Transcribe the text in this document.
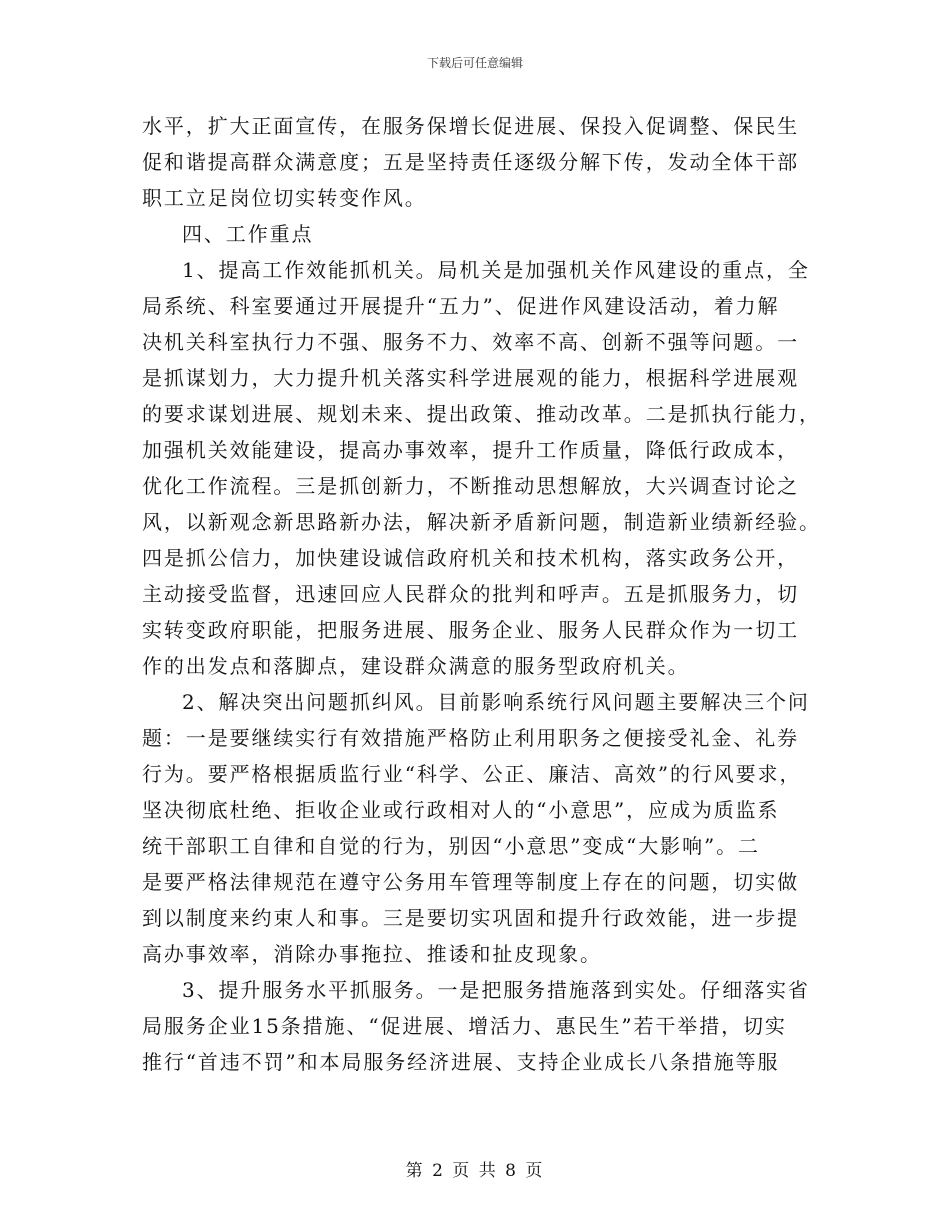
下载后可任意编辑
水平，扩大正面宣传，在服务保增长促进展、保投入促调整、保民生
促和谐提高群众满意度；五是坚持责任逐级分解下传，发动全体干部
职工立足岗位切实转变作风。
四、工作重点
1、提高工作效能抓机关。局机关是加强机关作风建设的重点，全
局系统、科室要通过开展提升“五力”、促进作风建设活动，着力解
决机关科室执行力不强、服务不力、效率不高、创新不强等问题。一
是抓谋划力，大力提升机关落实科学进展观的能力，根据科学进展观
的要求谋划进展、规划未来、提出政策、推动改革。二是抓执行能力，
加强机关效能建设，提高办事效率，提升工作质量，降低行政成本，
优化工作流程。三是抓创新力，不断推动思想解放，大兴调查讨论之
风，以新观念新思路新办法，解决新矛盾新问题，制造新业绩新经验。
四是抓公信力，加快建设诚信政府机关和技术机构，落实政务公开，
主动接受监督，迅速回应人民群众的批判和呼声。五是抓服务力，切
实转变政府职能，把服务进展、服务企业、服务人民群众作为一切工
作的出发点和落脚点，建设群众满意的服务型政府机关。
2、解决突出问题抓纠风。目前影响系统行风问题主要解决三个问
题：一是要继续实行有效措施严格防止利用职务之便接受礼金、礼券
行为。要严格根据质监行业“科学、公正、廉洁、高效”的行风要求，
坚决彻底杜绝、拒收企业或行政相对人的“小意思”，应成为质监系
统干部职工自律和自觉的行为，别因“小意思”变成“大影响”。二
是要严格法律规范在遵守公务用车管理等制度上存在的问题，切实做
到以制度来约束人和事。三是要切实巩固和提升行政效能，进一步提
高办事效率，消除办事拖拉、推诿和扯皮现象。
3、提升服务水平抓服务。一是把服务措施落到实处。仔细落实省
局服务企业15条措施、“促进展、增活力、惠民生”若干举措，切实
推行“首违不罚”和本局服务经济进展、支持企业成长八条措施等服
第 2 页 共 8 页
